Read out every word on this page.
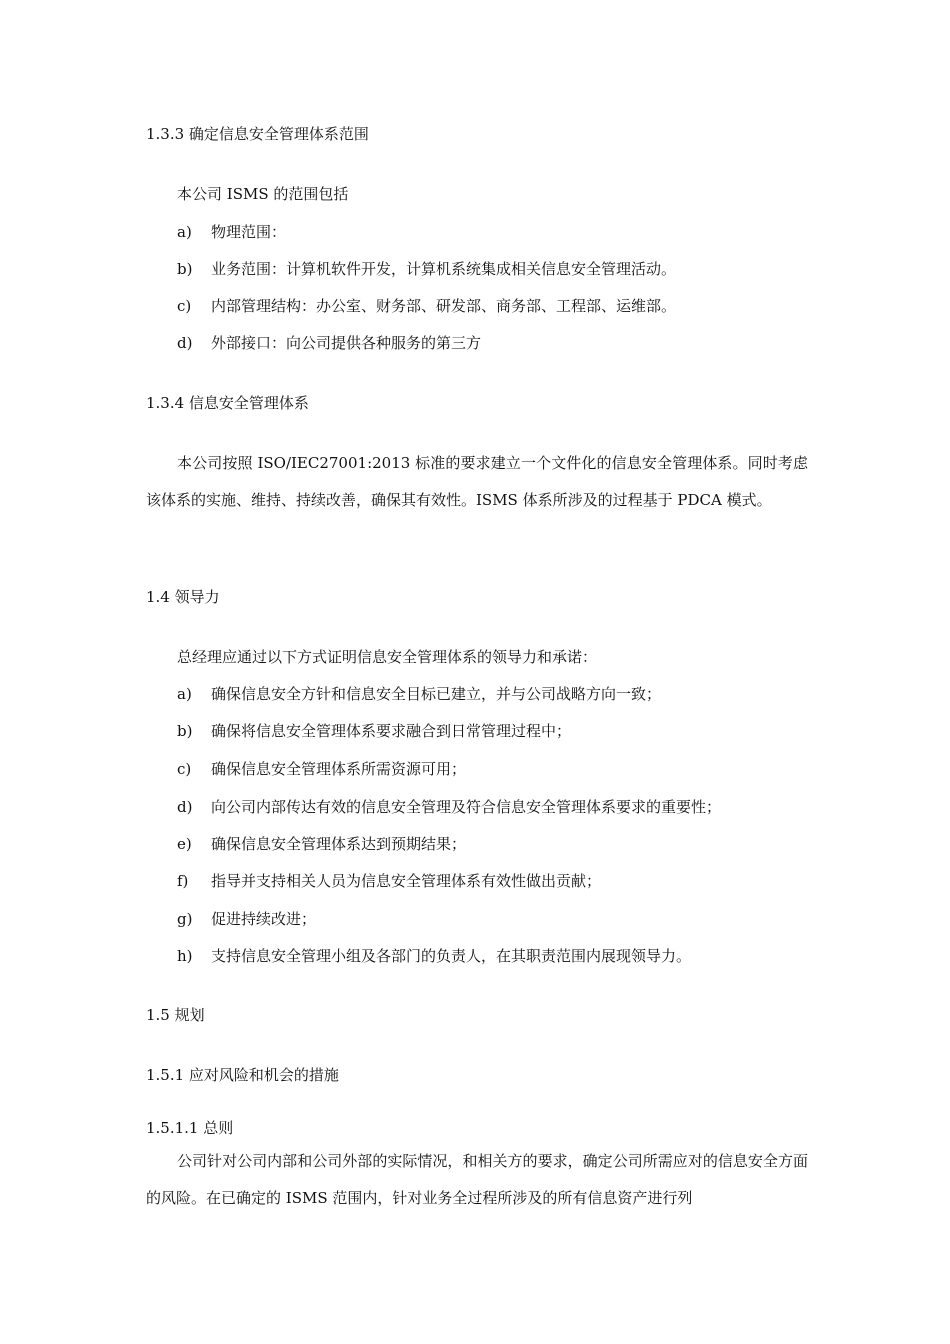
1.3.3 确定信息安全管理体系范围
本公司 ISMS 的范围包括
a) 物理范围：
b) 业务范围：计算机软件开发，计算机系统集成相关信息安全管理活动。
c) 内部管理结构：办公室、财务部、研发部、商务部、工程部、运维部。
d) 外部接口：向公司提供各种服务的第三方
1.3.4 信息安全管理体系

本公司按照 ISO/IEC27001:2013 标准的要求建立一个文件化的信息安全管理体系。同时考虑该体系的实施、维持、持续改善，确保其有效性。ISMS 体系所涉及的过程基于 PDCA 模式。

1.4 领导力
总经理应通过以下方式证明信息安全管理体系的领导力和承诺：
a) 确保信息安全方针和信息安全目标已建立，并与公司战略方向一致；
b) 确保将信息安全管理体系要求融合到日常管理过程中；
c) 确保信息安全管理体系所需资源可用；
d) 向公司内部传达有效的信息安全管理及符合信息安全管理体系要求的重要性；
e) 确保信息安全管理体系达到预期结果；
f) 指导并支持相关人员为信息安全管理体系有效性做出贡献；
g) 促进持续改进；
h) 支持信息安全管理小组及各部门的负责人，在其职责范围内展现领导力。
1.5 规划
1.5.1 应对风险和机会的措施
1.5.1.1 总则

公司针对公司内部和公司外部的实际情况，和相关方的要求，确定公司所需应对的信息安全方面的风险。在已确定的 ISMS 范围内，针对业务全过程所涉及的所有信息资产进行列
